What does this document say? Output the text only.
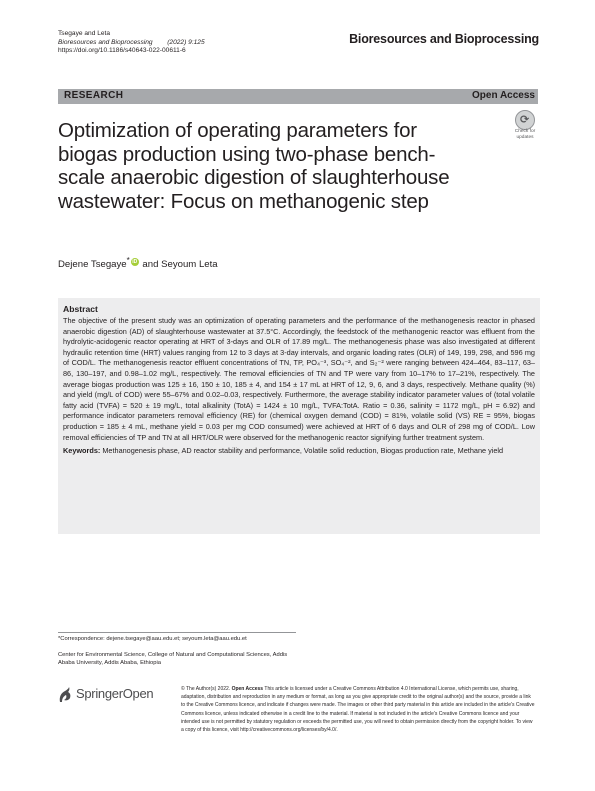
Tsegaye and Leta
Bioresources and Bioprocessing (2022) 9:125
https://doi.org/10.1186/s40643-022-00611-6
Bioresources and Bioprocessing
RESEARCH	Open Access
Optimization of operating parameters for biogas production using two-phase bench-scale anaerobic digestion of slaughterhouse wastewater: Focus on methanogenic step
⟳
Check for
updates
Dejene Tsegaye* iD and Seyoum Leta
Abstract

The objective of the present study was an optimization of operating parameters and the performance of the methanogenesis reactor in phased anaerobic digestion (AD) of slaughterhouse wastewater at 37.5°C. Accordingly, the feedstock of the methanogenic reactor was effluent from the hydrolytic-acidogenic reactor operating at HRT of 3-days and OLR of 17.89 mg/L. The methanogenesis phase was also investigated at different hydraulic retention time (HRT) values ranging from 12 to 3 days at 3-day intervals, and organic loading rates (OLR) of 149, 199, 298, and 596 mg of COD/L. The methanogenesis reactor effluent concentrations of TN, TP, PO₄⁻³, SO₄⁻², and S₂⁻² were ranging between 424–464, 83–117, 63–86, 130–197, and 0.98–1.02 mg/L, respectively. The removal efficiencies of TN and TP were vary from 10–17% to 17–21%, respectively. The average biogas production was 125 ± 16, 150 ± 10, 185 ± 4, and 154 ± 17 mL at HRT of 12, 9, 6, and 3 days, respectively. Methane quality (%) and yield (mg/L of COD) were 55–67% and 0.02–0.03, respectively. Furthermore, the average stability indicator parameter values of (total volatile fatty acid (TVFA) = 520 ± 19 mg/L, total alkalinity (TotA) = 1424 ± 10 mg/L, TVFA:TotA. Ratio = 0.36, salinity = 1172 mg/L, pH = 6.92) and performance indicator parameters removal efficiency (RE) for (chemical oxygen demand (COD) = 81%, volatile solid (VS) RE = 95%, biogas production = 185 ± 4 mL, methane yield = 0.03 per mg COD consumed) were achieved at HRT of 6 days and OLR of 298 mg of COD/L. Low removal efficiencies of TP and TN at all HRT/OLR were observed for the methanogenic reactor signifying further treatment system.

Keywords: Methanogenesis phase, AD reactor stability and performance, Volatile solid reduction, Biogas production rate, Methane yield

*Correspondence: dejene.tsegaye@aau.edu.et; seyoum.leta@aau.edu.et
Center for Environmental Science, College of Natural and Computational Sciences, Addis Ababa University, Addis Ababa, Ethiopia
SpringerOpen	© The Author(s) 2022. Open Access This article is licensed under a Creative Commons Attribution 4.0 International License, which permits use, sharing, adaptation, distribution and reproduction in any medium or format, as long as you give appropriate credit to the original author(s) and the source, provide a link to the Creative Commons licence, and indicate if changes were made. The images or other third party material in this article are included in the article's Creative Commons licence, unless indicated otherwise in a credit line to the material. If material is not included in the article's Creative Commons licence and your intended use is not permitted by statutory regulation or exceeds the permitted use, you will need to obtain permission directly from the copyright holder. To view a copy of this licence, visit http://creativecommons.org/licenses/by/4.0/.
